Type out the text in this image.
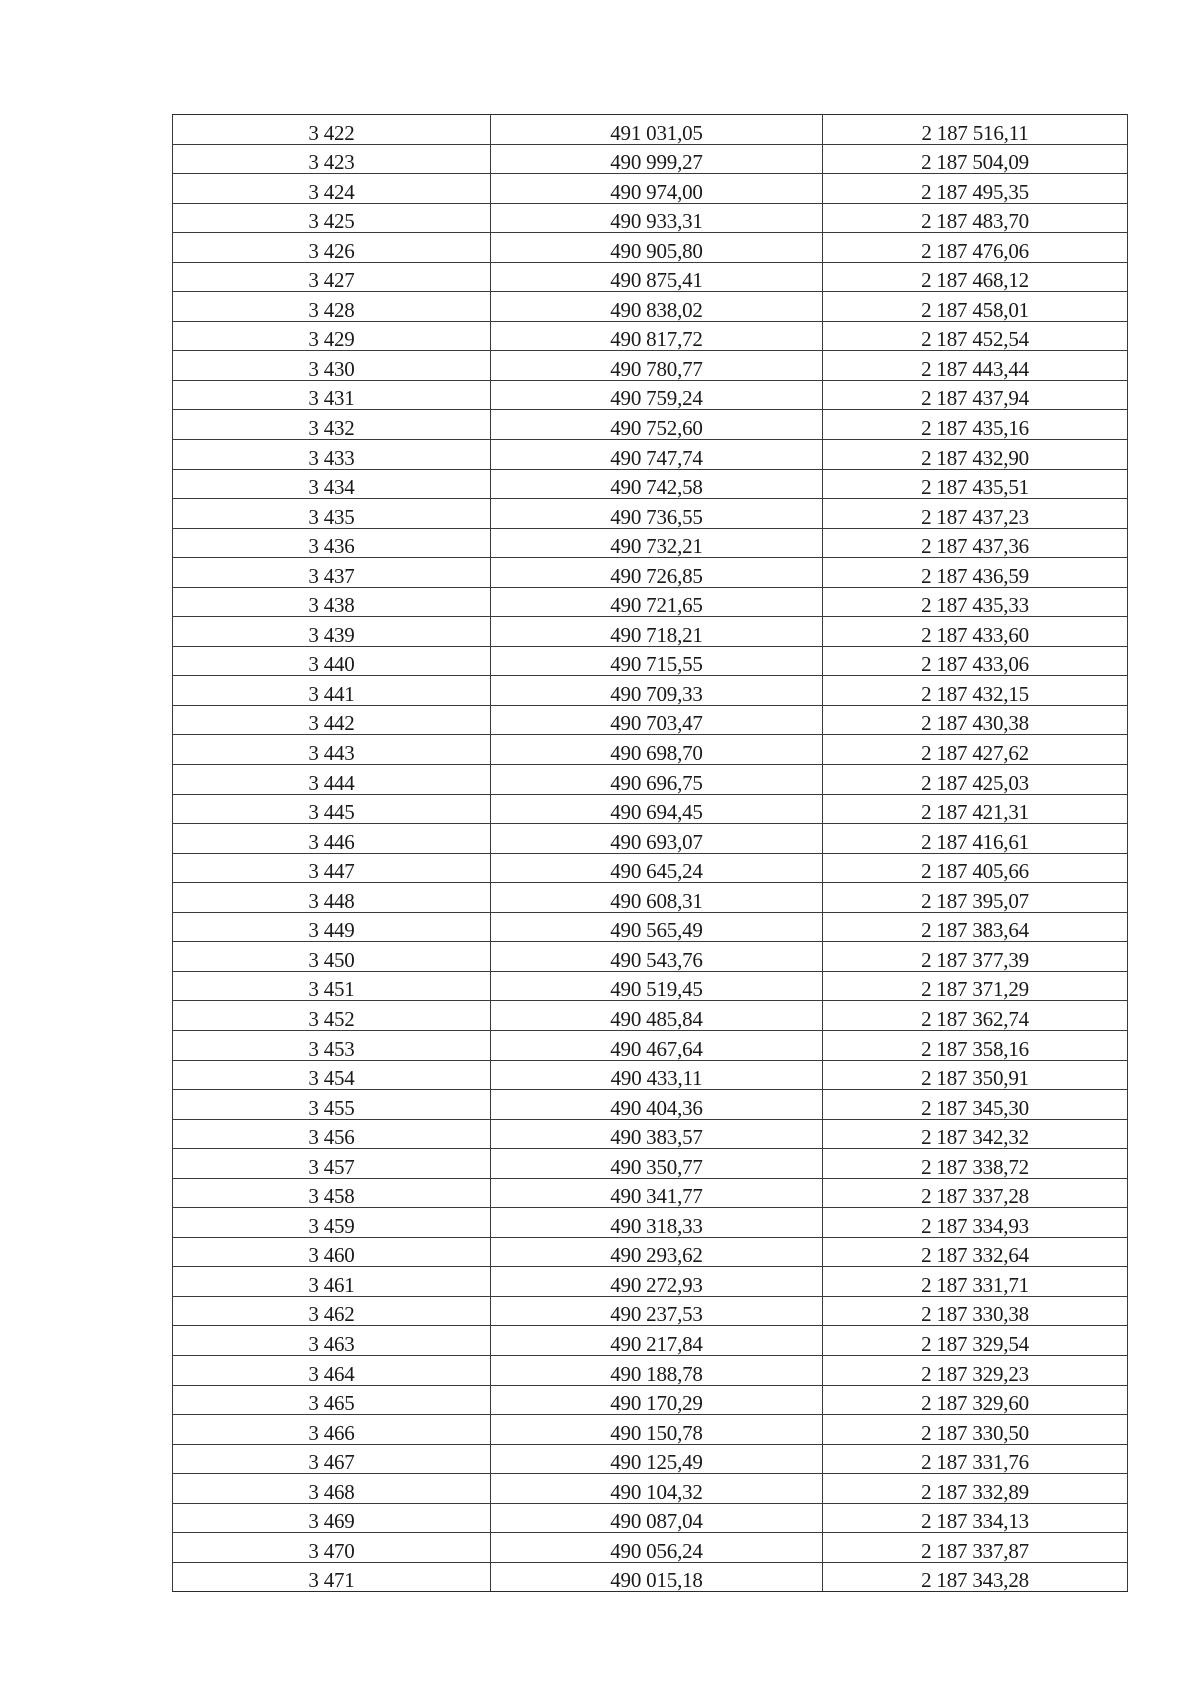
3 422	491 031,05	2 187 516,11
3 423	490 999,27	2 187 504,09
3 424	490 974,00	2 187 495,35
3 425	490 933,31	2 187 483,70
3 426	490 905,80	2 187 476,06
3 427	490 875,41	2 187 468,12
3 428	490 838,02	2 187 458,01
3 429	490 817,72	2 187 452,54
3 430	490 780,77	2 187 443,44
3 431	490 759,24	2 187 437,94
3 432	490 752,60	2 187 435,16
3 433	490 747,74	2 187 432,90
3 434	490 742,58	2 187 435,51
3 435	490 736,55	2 187 437,23
3 436	490 732,21	2 187 437,36
3 437	490 726,85	2 187 436,59
3 438	490 721,65	2 187 435,33
3 439	490 718,21	2 187 433,60
3 440	490 715,55	2 187 433,06
3 441	490 709,33	2 187 432,15
3 442	490 703,47	2 187 430,38
3 443	490 698,70	2 187 427,62
3 444	490 696,75	2 187 425,03
3 445	490 694,45	2 187 421,31
3 446	490 693,07	2 187 416,61
3 447	490 645,24	2 187 405,66
3 448	490 608,31	2 187 395,07
3 449	490 565,49	2 187 383,64
3 450	490 543,76	2 187 377,39
3 451	490 519,45	2 187 371,29
3 452	490 485,84	2 187 362,74
3 453	490 467,64	2 187 358,16
3 454	490 433,11	2 187 350,91
3 455	490 404,36	2 187 345,30
3 456	490 383,57	2 187 342,32
3 457	490 350,77	2 187 338,72
3 458	490 341,77	2 187 337,28
3 459	490 318,33	2 187 334,93
3 460	490 293,62	2 187 332,64
3 461	490 272,93	2 187 331,71
3 462	490 237,53	2 187 330,38
3 463	490 217,84	2 187 329,54
3 464	490 188,78	2 187 329,23
3 465	490 170,29	2 187 329,60
3 466	490 150,78	2 187 330,50
3 467	490 125,49	2 187 331,76
3 468	490 104,32	2 187 332,89
3 469	490 087,04	2 187 334,13
3 470	490 056,24	2 187 337,87
3 471	490 015,18	2 187 343,28
